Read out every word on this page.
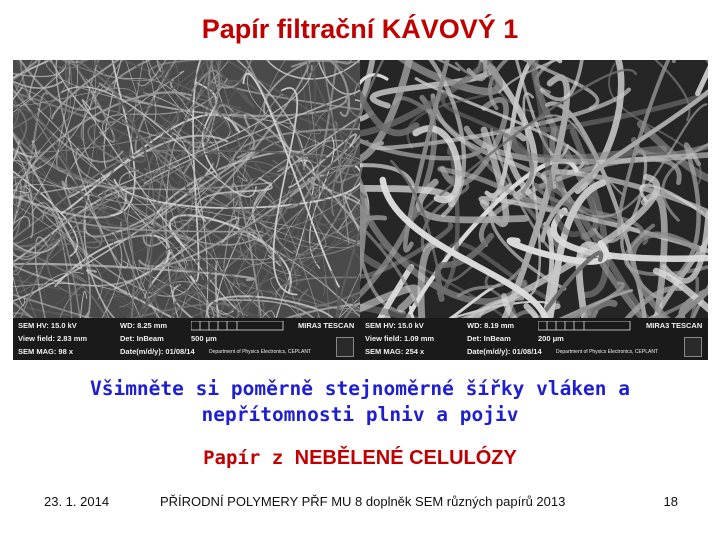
Papír filtrační KÁVOVÝ 1
SEM HV: 15.0 kV	WD: 8.25 mm	MIRA3 TESCAN
View field: 2.83 mm	Det: InBeam	500 μm
SEM MAG: 98 x	Date(m/d/y): 01/08/14	Department of Physics Electronics, CEPLANT
SEM HV: 15.0 kV	WD: 8.19 mm	MIRA3 TESCAN
View field: 1.09 mm	Det: InBeam	200 μm
SEM MAG: 254 x	Date(m/d/y): 01/08/14	Department of Physics Electronics, CEPLANT
Všimněte si poměrně stejnoměrné šířky vláken a
nepřítomnosti plniv a pojiv
Papír z NEBĚLENÉ CELULÓZY
23. 1. 2014	PŘÍRODNÍ POLYMERY PŘF MU 8 doplněk SEM různých papírů 2013	18
